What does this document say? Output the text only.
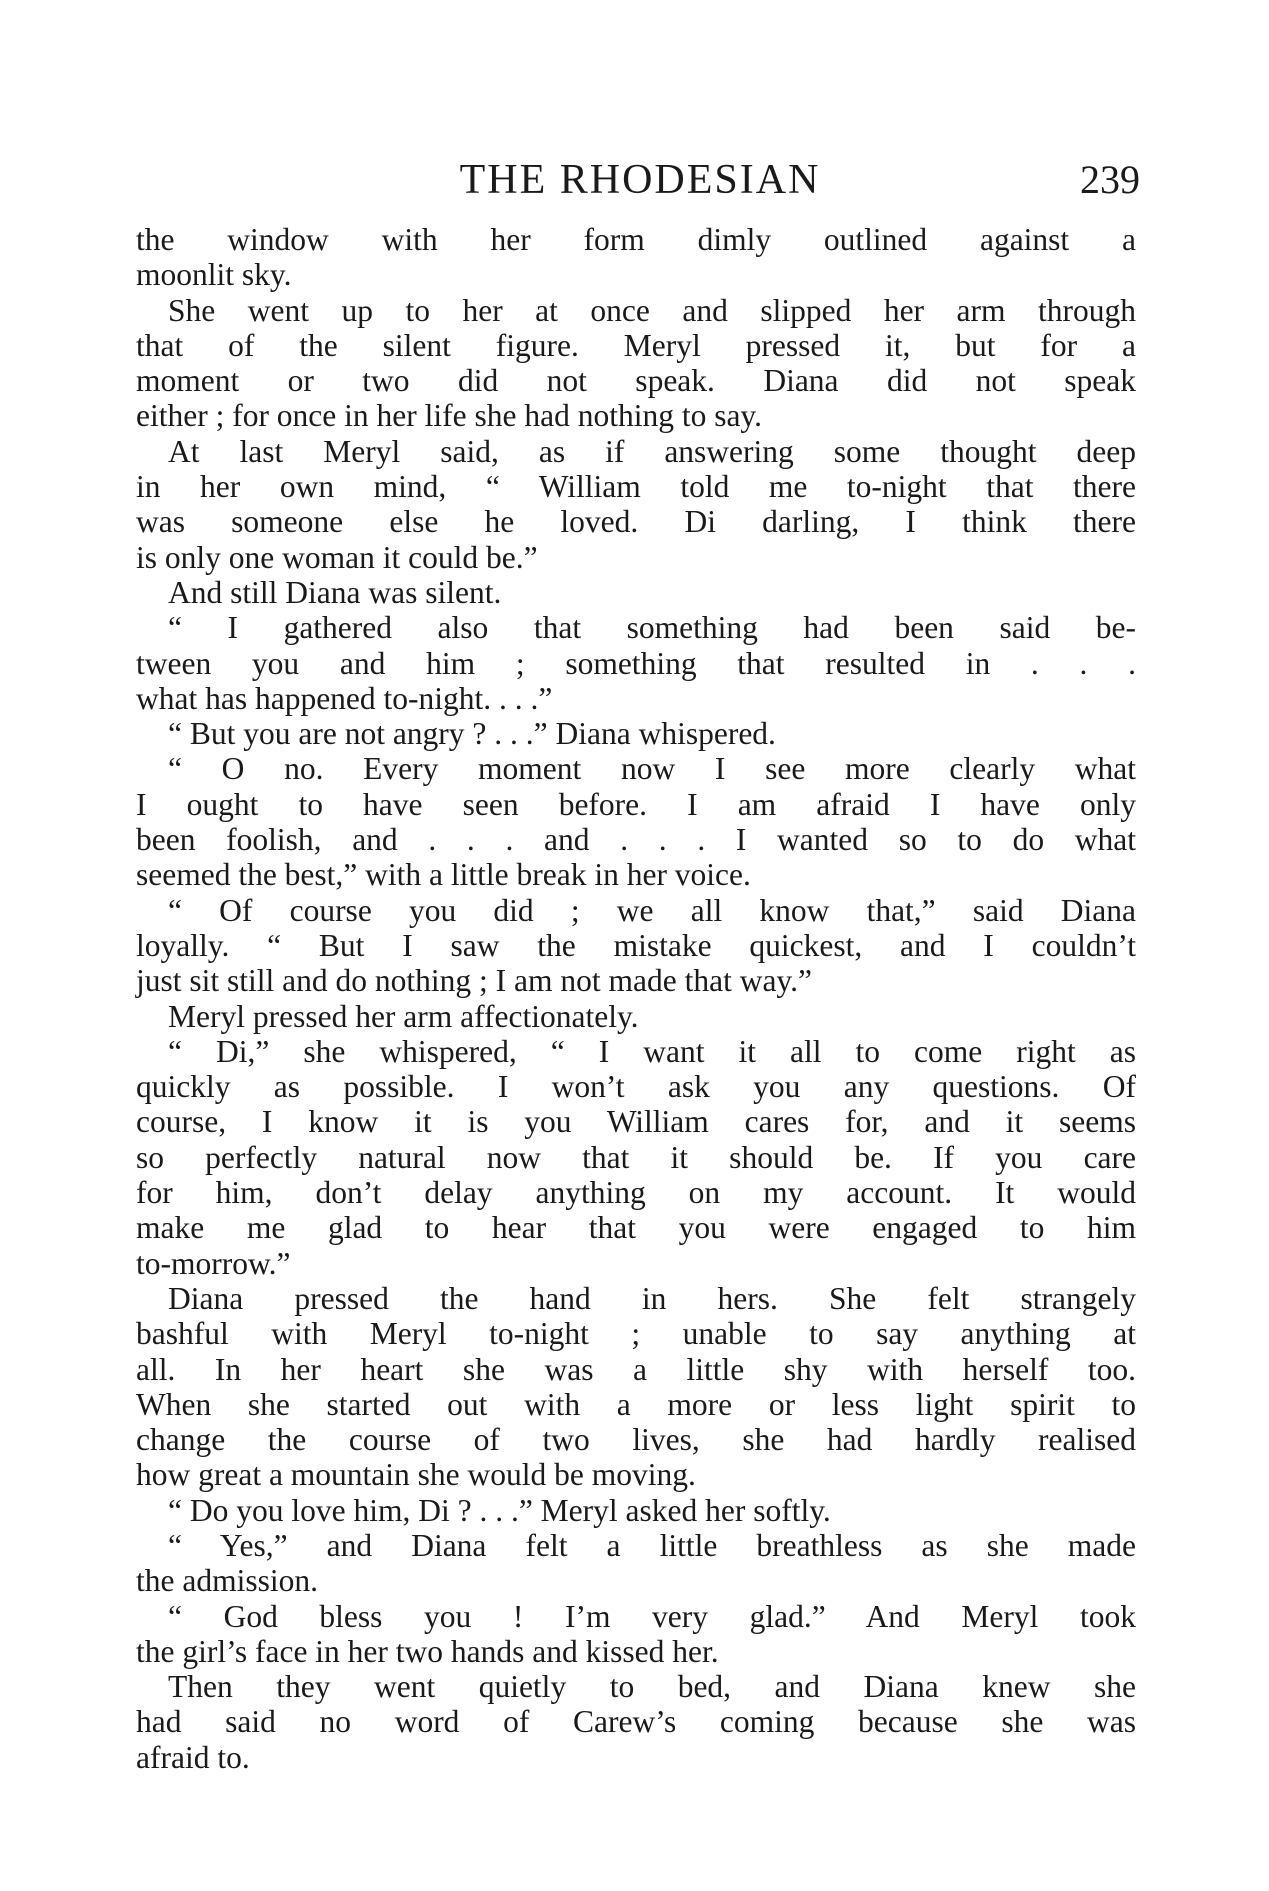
THE RHODESIAN	239
the window with her form dimly outlined against a
moonlit sky.
She went up to her at once and slipped her arm through
that of the silent figure. Meryl pressed it, but for a
moment or two did not speak. Diana did not speak
either ; for once in her life she had nothing to say.
At last Meryl said, as if answering some thought deep
in her own mind, “ William told me to-night that there
was someone else he loved. Di darling, I think there
is only one woman it could be.”
And still Diana was silent.
“ I gathered also that something had been said be-
tween you and him ; something that resulted in . . .
what has happened to-night. . . .”
“ But you are not angry ? . . .” Diana whispered.
“ O no. Every moment now I see more clearly what
I ought to have seen before. I am afraid I have only
been foolish, and . . . and . . . I wanted so to do what
seemed the best,” with a little break in her voice.
“ Of course you did ; we all know that,” said Diana
loyally. “ But I saw the mistake quickest, and I couldn’t
just sit still and do nothing ; I am not made that way.”
Meryl pressed her arm affectionately.
“ Di,” she whispered, “ I want it all to come right as
quickly as possible. I won’t ask you any questions. Of
course, I know it is you William cares for, and it seems
so perfectly natural now that it should be. If you care
for him, don’t delay anything on my account. It would
make me glad to hear that you were engaged to him
to-morrow.”
Diana pressed the hand in hers. She felt strangely
bashful with Meryl to-night ; unable to say anything at
all. In her heart she was a little shy with herself too.
When she started out with a more or less light spirit to
change the course of two lives, she had hardly realised
how great a mountain she would be moving.
“ Do you love him, Di ? . . .” Meryl asked her softly.
“ Yes,” and Diana felt a little breathless as she made
the admission.
“ God bless you ! I’m very glad.” And Meryl took
the girl’s face in her two hands and kissed her.
Then they went quietly to bed, and Diana knew she
had said no word of Carew’s coming because she was
afraid to.
